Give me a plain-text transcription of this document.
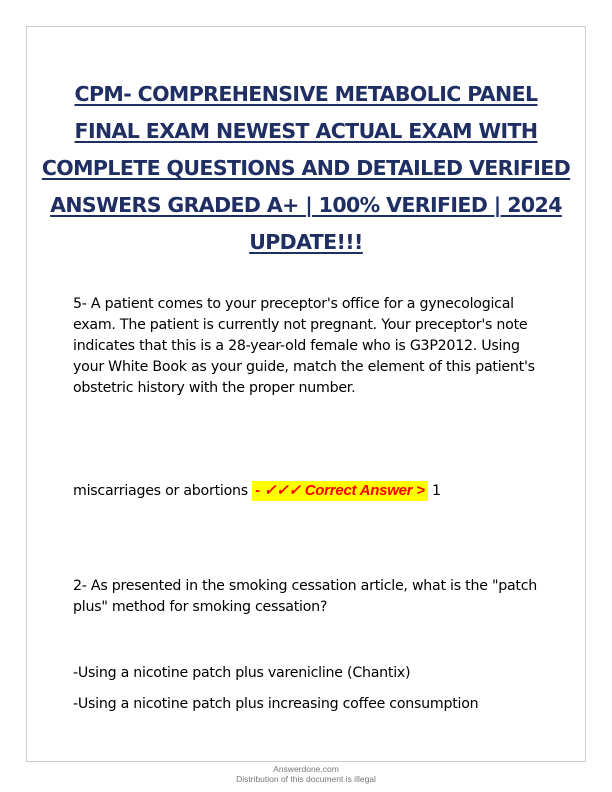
CPM- COMPREHENSIVE METABOLIC PANEL FINAL EXAM NEWEST ACTUAL EXAM WITH COMPLETE QUESTIONS AND DETAILED VERIFIED ANSWERS GRADED A+ | 100% VERIFIED | 2024 UPDATE!!!

5- A patient comes to your preceptor's office for a gynecological exam. The patient is currently not pregnant. Your preceptor's note indicates that this is a 28-year-old female who is G3P2012. Using your White Book as your guide, match the element of this patient's obstetric history with the proper number.

miscarriages or abortions - ✓✓✓ Correct Answer > 1

2- As presented in the smoking cessation article, what is the "patch plus" method for smoking cessation?

-Using a nicotine patch plus varenicline (Chantix)

-Using a nicotine patch plus increasing coffee consumption

Answerdone.com
Distribution of this document is illegal
